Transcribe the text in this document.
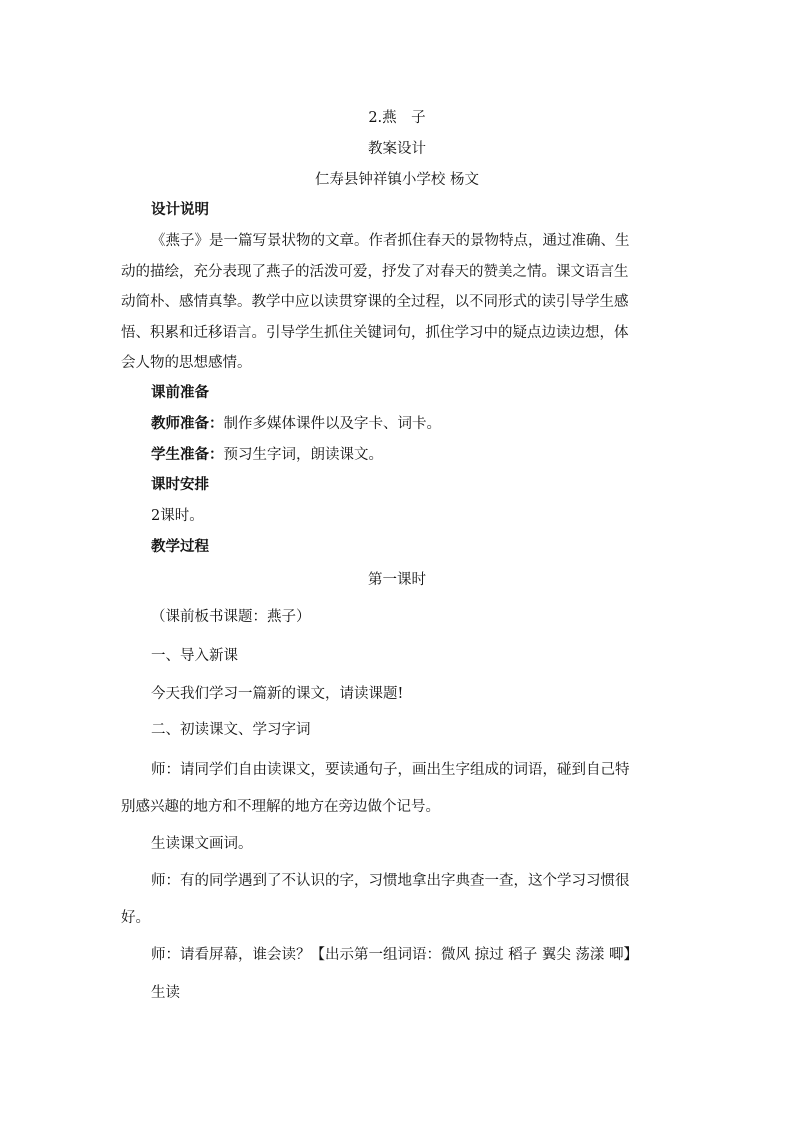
2.燕　子
教案设计
仁寿县钟祥镇小学校 杨文
设计说明
《燕子》是一篇写景状物的文章。作者抓住春天的景物特点，通过准确、生
动的描绘，充分表现了燕子的活泼可爱，抒发了对春天的赞美之情。课文语言生
动简朴、感情真挚。教学中应以读贯穿课的全过程，以不同形式的读引导学生感
悟、积累和迁移语言。引导学生抓住关键词句，抓住学习中的疑点边读边想，体
会人物的思想感情。
课前准备
教师准备：制作多媒体课件以及字卡、词卡。
学生准备：预习生字词，朗读课文。
课时安排
2课时。
教学过程
第一课时
（课前板书课题：燕子）
一、导入新课
今天我们学习一篇新的课文，请读课题!
二、初读课文、学习字词
师：请同学们自由读课文，要读通句子，画出生字组成的词语，碰到自己特
别感兴趣的地方和不理解的地方在旁边做个记号。
生读课文画词。
师：有的同学遇到了不认识的字，习惯地拿出字典查一查，这个学习习惯很
好。
师：请看屏幕，谁会读？【出示第一组词语：微风 掠过 稻子 翼尖 荡漾 唧】
生读
